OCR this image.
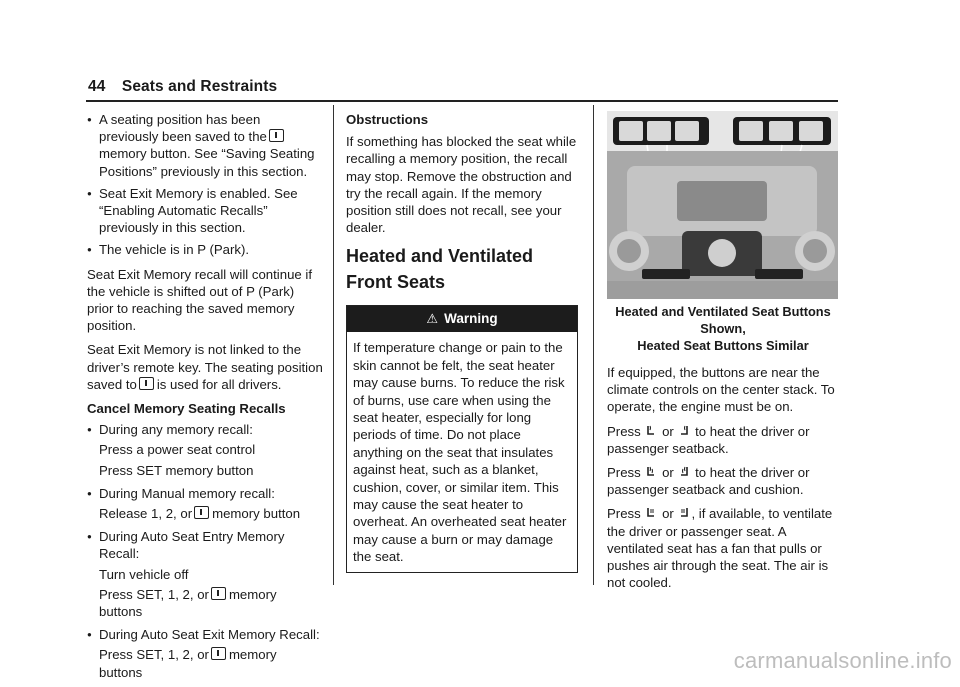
44 Seats and Restraints
● A seating position has been previously been saved to thememory button. See “Saving Seating Positions” previously in this section.
● Seat Exit Memory is enabled. See “Enabling Automatic Recalls” previously in this section.
● The vehicle is in P (Park).

Seat Exit Memory recall will continue if the vehicle is shifted out of P (Park) prior to reaching the saved memory position.

Seat Exit Memory is not linked to the driver’s remote key. The seating position saved to is used for all drivers.

Cancel Memory Seating Recalls

● During any memory recall:
Press a power seat control
Press SET memory button
● During Manual memory recall:
Release 1, 2, or memory button
● During Auto Seat Entry Memory Recall:
Turn vehicle off
Press SET, 1, 2, or memory buttons
● During Auto Seat Exit Memory Recall:
Press SET, 1, 2, or memory buttons

Obstructions

If something has blocked the seat while recalling a memory position, the recall may stop. Remove the obstruction and try the recall again. If the memory position still does not recall, see your dealer.

Heated and Ventilated Front Seats
⚠ Warning
If temperature change or pain to the skin cannot be felt, the seat heater may cause burns. To reduce the risk of burns, use care when using the seat heater, especially for long periods of time. Do not place anything on the seat that insulates against heat, such as a blanket, cushion, cover, or similar item. This may cause the seat heater to overheat. An overheated seat heater may cause a burn or may damage the seat.
Heated and Ventilated Seat Buttons Shown,
Heated Seat Buttons Similar

If equipped, the buttons are near the climate controls on the center stack. To operate, the engine must be on.

Press or to heat the driver or passenger seatback.

Press or to heat the driver or passenger seatback and cushion.

Press or , if available, to ventilate the driver or passenger seat. A ventilated seat has a fan that pulls or pushes air through the seat. The air is not cooled.

carmanualsonline.info
